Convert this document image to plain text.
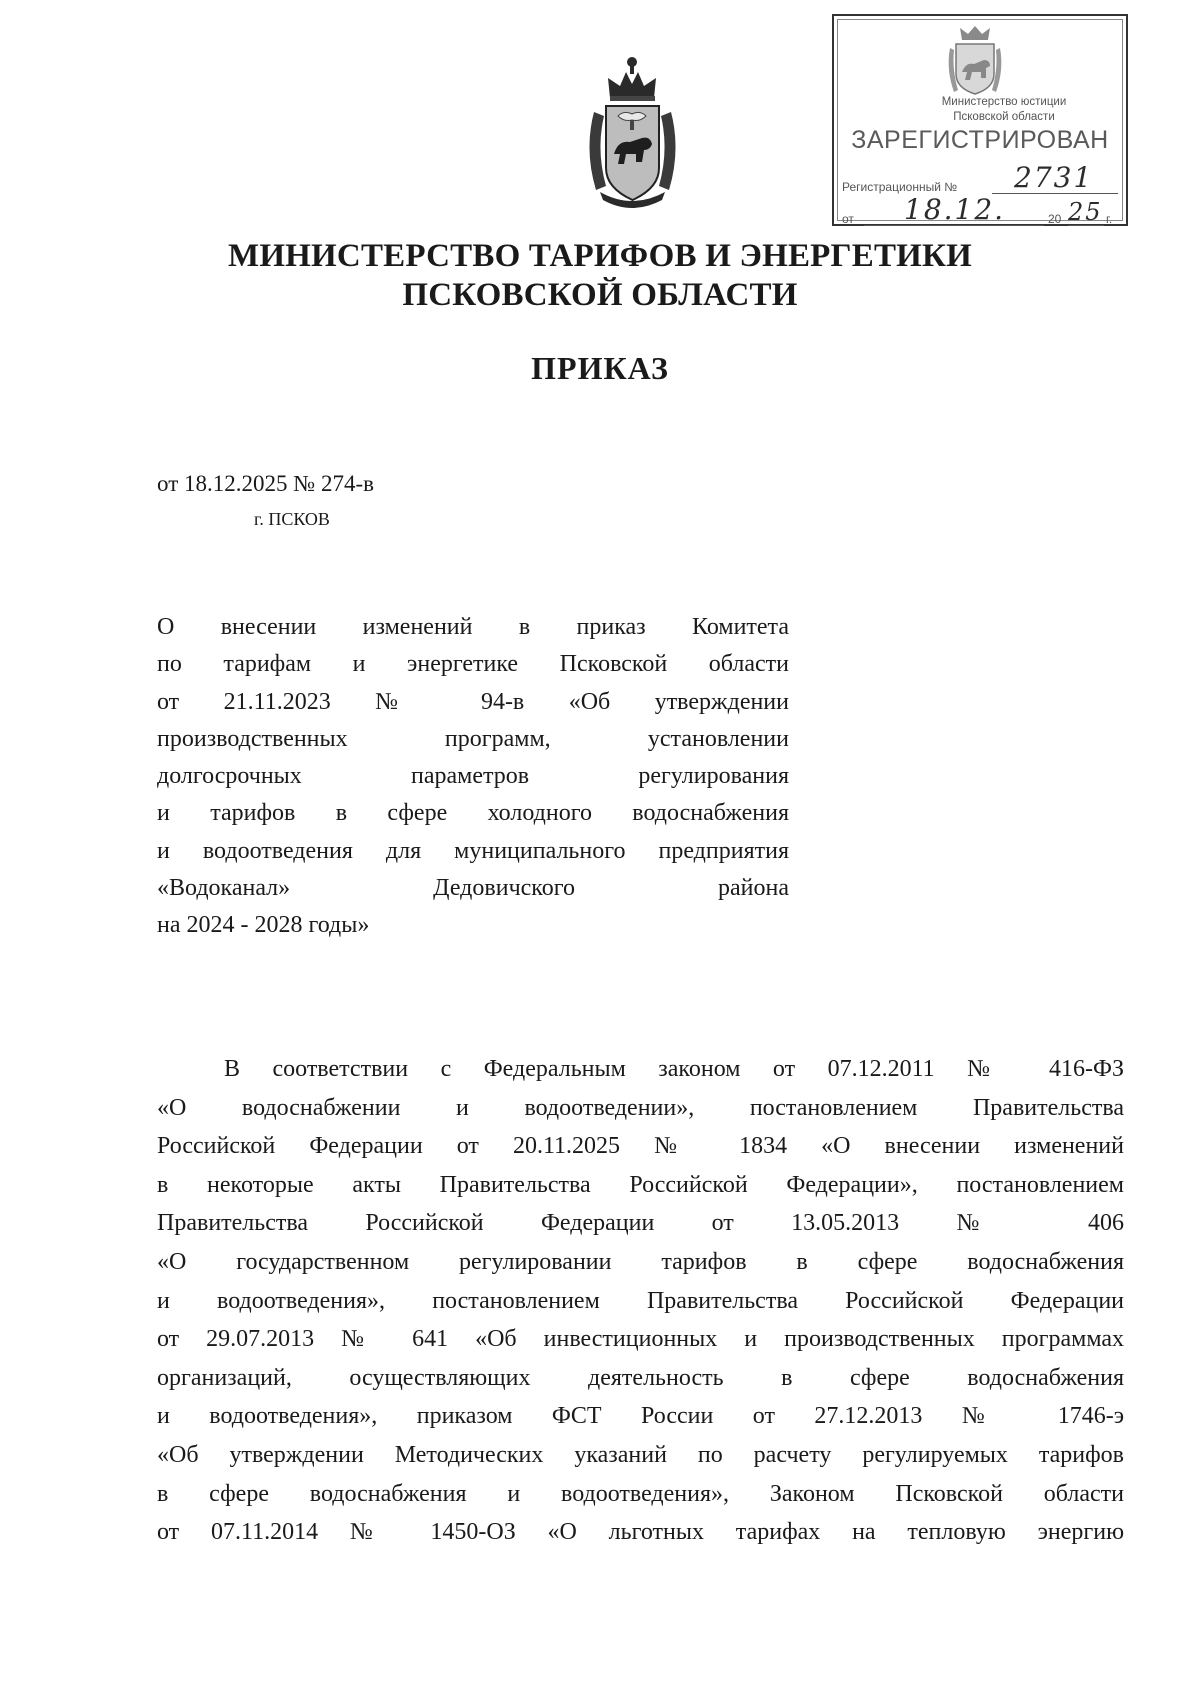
Министерство юстиции
Псковской области
ЗАРЕГИСТРИРОВАН
Регистрационный № 2731
от 18.12.	20 25 г.
МИНИСТЕРСТВО ТАРИФОВ И ЭНЕРГЕТИКИ
ПСКОВСКОЙ ОБЛАСТИ
ПРИКАЗ
от 18.12.2025 № 274-в
г. ПСКОВ
О внесении изменений в приказ Комитета
по тарифам и энергетике Псковской области
от 21.11.2023 № 94-в «Об утверждении
производственных программ, установлении
долгосрочных параметров регулирования
и тарифов в сфере холодного водоснабжения
и водоотведения для муниципального предприятия
«Водоканал» Дедовичского района
на 2024 - 2028 годы»
В соответствии с Федеральным законом от 07.12.2011 № 416-ФЗ
«О водоснабжении и водоотведении», постановлением Правительства
Российской Федерации от 20.11.2025 № 1834 «О внесении изменений
в некоторые акты Правительства Российской Федерации», постановлением
Правительства Российской Федерации от 13.05.2013 № 406
«О государственном регулировании тарифов в сфере водоснабжения
и водоотведения», постановлением Правительства Российской Федерации
от 29.07.2013 № 641 «Об инвестиционных и производственных программах
организаций, осуществляющих деятельность в сфере водоснабжения
и водоотведения», приказом ФСТ России от 27.12.2013 № 1746-э
«Об утверждении Методических указаний по расчету регулируемых тарифов
в сфере водоснабжения и водоотведения», Законом Псковской области
от 07.11.2014 № 1450-ОЗ «О льготных тарифах на тепловую энергию
